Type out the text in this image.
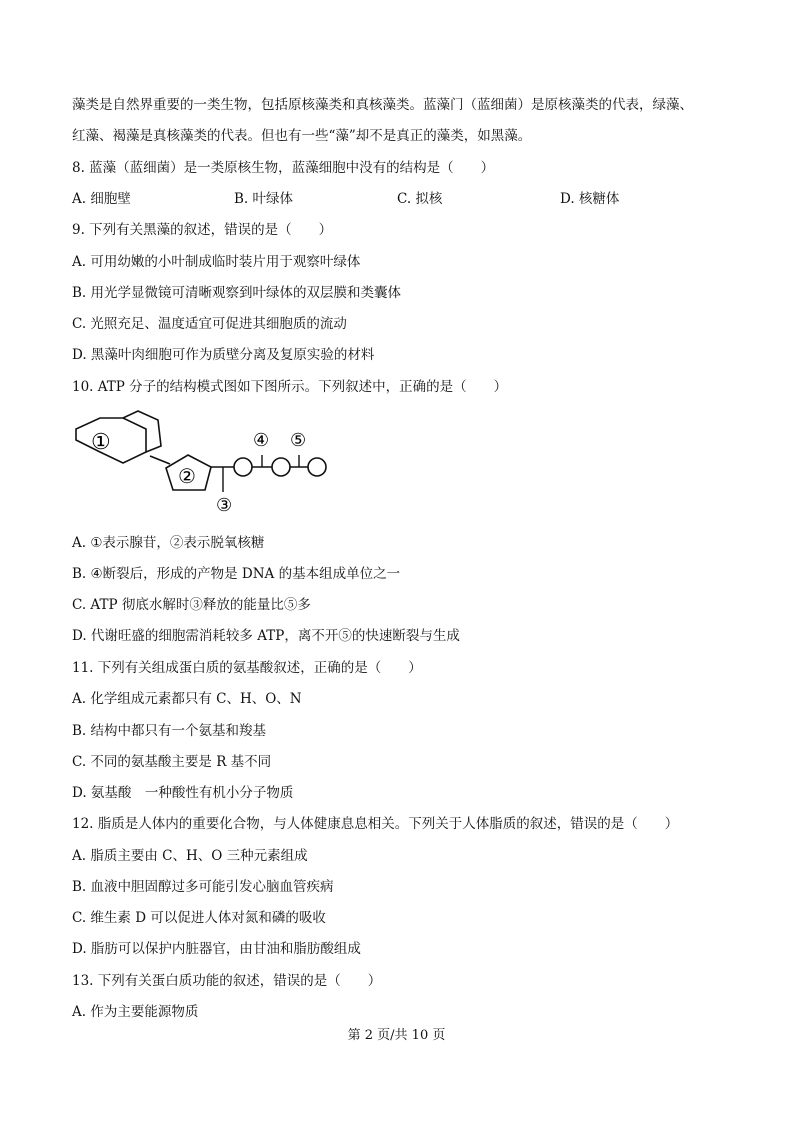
藻类是自然界重要的一类生物，包括原核藻类和真核藻类。蓝藻门（蓝细菌）是原核藻类的代表，绿藻、
红藻、褐藻是真核藻类的代表。但也有一些“藻”却不是真正的藻类，如黑藻。
8. 蓝藻（蓝细菌）是一类原核生物，蓝藻细胞中没有的结构是（　　）
A. 细胞壁	B. 叶绿体	C. 拟核	D. 核糖体
9. 下列有关黑藻的叙述，错误的是（　　）
A. 可用幼嫩的小叶制成临时装片用于观察叶绿体
B. 用光学显微镜可清晰观察到叶绿体的双层膜和类囊体
C. 光照充足、温度适宜可促进其细胞质的流动
D. 黑藻叶肉细胞可作为质壁分离及复原实验的材料
10. ATP 分子的结构模式图如下图所示。下列叙述中，正确的是（　　）
①
②
③
④ ⑤
A. ①表示腺苷，②表示脱氧核糖
B. ④断裂后，形成的产物是 DNA 的基本组成单位之一
C. ATP 彻底水解时③释放的能量比⑤多
D. 代谢旺盛的细胞需消耗较多 ATP，离不开⑤的快速断裂与生成
11. 下列有关组成蛋白质的氨基酸叙述，正确的是（　　）
A. 化学组成元素都只有 C、H、O、N
B. 结构中都只有一个氨基和羧基
C. 不同的氨基酸主要是 R 基不同
D. 氨基酸　一种酸性有机小分子物质
12. 脂质是人体内的重要化合物，与人体健康息息相关。下列关于人体脂质的叙述，错误的是（　　）
A. 脂质主要由 C、H、O 三种元素组成
B. 血液中胆固醇过多可能引发心脑血管疾病
C. 维生素 D 可以促进人体对氮和磷的吸收
D. 脂肪可以保护内脏器官，由甘油和脂肪酸组成
13. 下列有关蛋白质功能的叙述，错误的是（　　）
A. 作为主要能源物质
第 2 页/共 10 页
